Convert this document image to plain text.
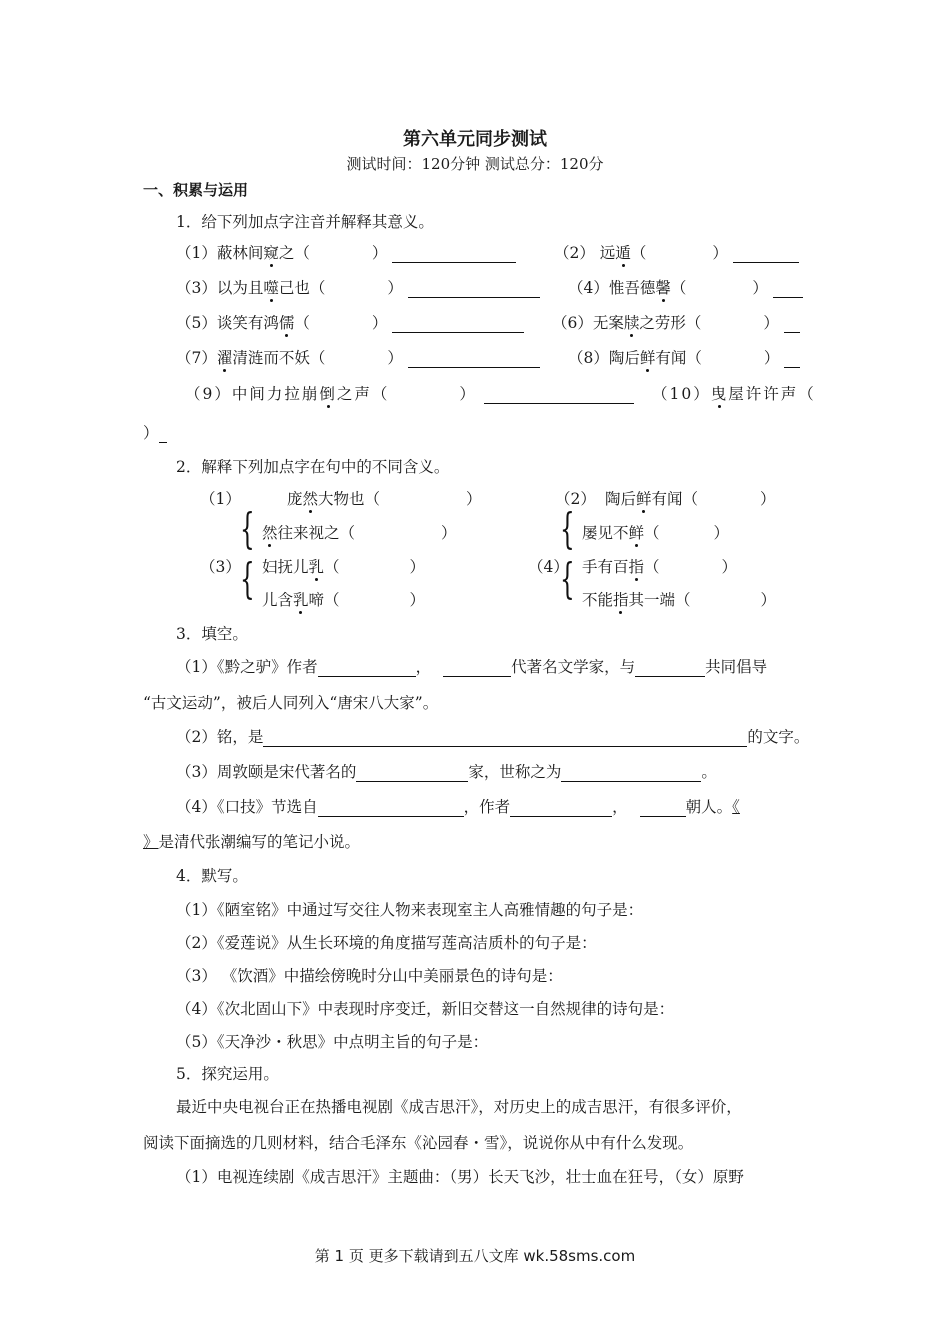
第六单元同步测试
测试时间：120分钟 测试总分：120分
一、积累与运用
1．给下列加点字注音并解释其意义。
（1）蔽林间窥之（	）	（2） 远遁（	）
（3）以为且噬己也（	）	（4）惟吾德馨（	）
（5）谈笑有鸿儒（	）	（6）无案牍之劳形（	）
（7）濯清涟而不妖（	）	（8）陶后鲜有闻（	）
（9）中间力拉崩倒之声（	）	（10）曳屋许许声（
）
2．解释下列加点字在句中的不同含义。
（1）	庞然大物也（	）
{ 然往来视之（	）
（2） 陶后鲜有闻（	）
{ 屡见不鲜（	）
（3） { 妇抚儿乳（	）
儿含乳啼（	）
（4）
{ 手有百指（	）
不能指其一端（	）
3．填空。
（1）《黔之驴》作者	，	代著名文学家，与	共同倡导
“古文运动”，被后人同列入“唐宋八大家”。
（2）铭，是	的文字。
（3）周敦颐是宋代著名的	家，世称之为	。
（4）《口技》节选自	，作者	，	朝人。《
》是清代张潮编写的笔记小说。
4．默写。
（1）《陋室铭》中通过写交往人物来表现室主人高雅情趣的句子是：
（2）《爱莲说》从生长环境的角度描写莲高洁质朴的句子是：
（3） 《饮酒》中描绘傍晚时分山中美丽景色的诗句是：
（4）《次北固山下》中表现时序变迁，新旧交替这一自然规律的诗句是：
（5）《天净沙・秋思》中点明主旨的句子是：
5．探究运用。
最近中央电视台正在热播电视剧《成吉思汗》，对历史上的成吉思汗，有很多评价，
阅读下面摘选的几则材料，结合毛泽东《沁园春・雪》，说说你从中有什么发现。
（1）电视连续剧《成吉思汗》主题曲：（男）长天飞沙，壮士血在狂号，（女）原野
第 1 页 更多下载请到五八文库 wk.58sms.com
